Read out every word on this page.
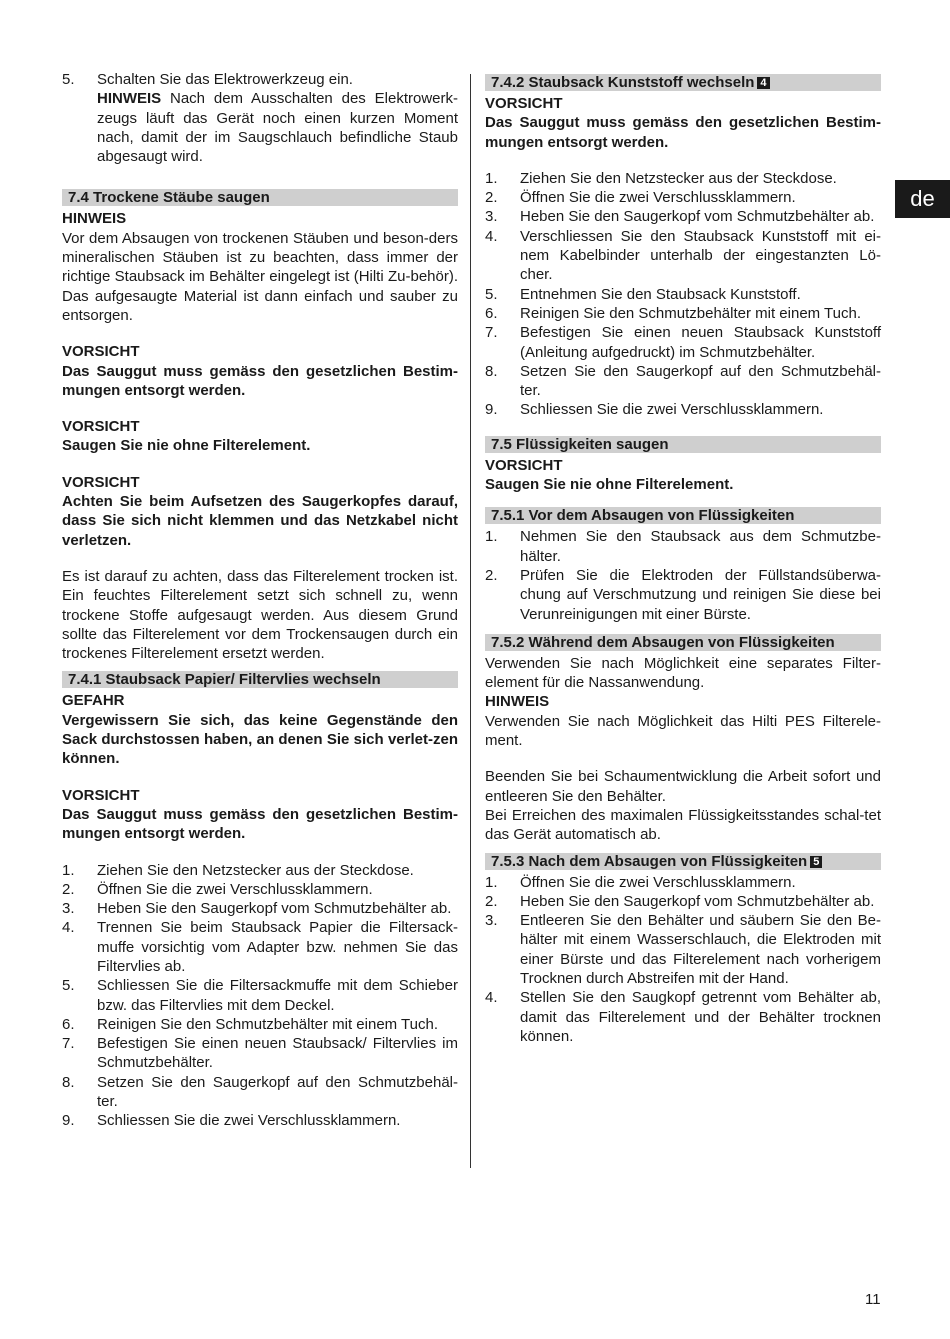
5.	Schalten Sie das Elektrowerkzeug ein.
HINWEIS Nach dem Ausschalten des Elektrowerk-zeugs läuft das Gerät noch einen kurzen Moment nach, damit der im Saugschlauch befindliche Staub abgesaugt wird.
7.4 Trockene Stäube saugen

HINWEIS

Vor dem Absaugen von trockenen Stäuben und beson-ders mineralischen Stäuben ist zu beachten, dass immer der richtige Staubsack im Behälter eingelegt ist (Hilti Zu-behör). Das aufgesaugte Material ist dann einfach und sauber zu entsorgen.

VORSICHT

Das Sauggut muss gemäss den gesetzlichen Bestim-mungen entsorgt werden.

VORSICHT

Saugen Sie nie ohne Filterelement.

VORSICHT

Achten Sie beim Aufsetzen des Saugerkopfes darauf, dass Sie sich nicht klemmen und das Netzkabel nicht verletzen.

Es ist darauf zu achten, dass das Filterelement trocken ist. Ein feuchtes Filterelement setzt sich schnell zu, wenn trockene Stoffe aufgesaugt werden. Aus diesem Grund sollte das Filterelement vor dem Trockensaugen durch ein trockenes Filterelement ersetzt werden.

7.4.1 Staubsack Papier/ Filtervlies wechseln

GEFAHR

Vergewissern Sie sich, das keine Gegenstände den Sack durchstossen haben, an denen Sie sich verlet-zen können.

VORSICHT

Das Sauggut muss gemäss den gesetzlichen Bestim-mungen entsorgt werden.

1.	Ziehen Sie den Netzstecker aus der Steckdose.
2.	Öffnen Sie die zwei Verschlussklammern.
3.	Heben Sie den Saugerkopf vom Schmutzbehälter ab.
4.	Trennen Sie beim Staubsack Papier die Filtersack-muffe vorsichtig vom Adapter bzw. nehmen Sie das Filtervlies ab.
5.	Schliessen Sie die Filtersackmuffe mit dem Schieber bzw. das Filtervlies mit dem Deckel.
6.	Reinigen Sie den Schmutzbehälter mit einem Tuch.
7.	Befestigen Sie einen neuen Staubsack/ Filtervlies im Schmutzbehälter.
8.	Setzen Sie den Saugerkopf auf den Schmutzbehäl-ter.
9.	Schliessen Sie die zwei Verschlussklammern.
7.4.2 Staubsack Kunststoff wechseln 4

VORSICHT

Das Sauggut muss gemäss den gesetzlichen Bestim-mungen entsorgt werden.

1.	Ziehen Sie den Netzstecker aus der Steckdose.
2.	Öffnen Sie die zwei Verschlussklammern.
3.	Heben Sie den Saugerkopf vom Schmutzbehälter ab.
4.	Verschliessen Sie den Staubsack Kunststoff mit ei-nem Kabelbinder unterhalb der eingestanzten Lö-cher.
5.	Entnehmen Sie den Staubsack Kunststoff.
6.	Reinigen Sie den Schmutzbehälter mit einem Tuch.
7.	Befestigen Sie einen neuen Staubsack Kunststoff (Anleitung aufgedruckt) im Schmutzbehälter.
8.	Setzen Sie den Saugerkopf auf den Schmutzbehäl-ter.
9.	Schliessen Sie die zwei Verschlussklammern.
7.5 Flüssigkeiten saugen

VORSICHT

Saugen Sie nie ohne Filterelement.

7.5.1 Vor dem Absaugen von Flüssigkeiten
1.	Nehmen Sie den Staubsack aus dem Schmutzbe-hälter.
2.	Prüfen Sie die Elektroden der Füllstandsüberwa-chung auf Verschmutzung und reinigen Sie diese bei Verunreinigungen mit einer Bürste.
7.5.2 Während dem Absaugen von Flüssigkeiten

Verwenden Sie nach Möglichkeit eine separates Filter-element für die Nassanwendung.

HINWEIS

Verwenden Sie nach Möglichkeit das Hilti PES Filterele-ment.

Beenden Sie bei Schaumentwicklung die Arbeit sofort und entleeren Sie den Behälter.

Bei Erreichen des maximalen Flüssigkeitsstandes schal-tet das Gerät automatisch ab.

7.5.3 Nach dem Absaugen von Flüssigkeiten 5
1.	Öffnen Sie die zwei Verschlussklammern.
2.	Heben Sie den Saugerkopf vom Schmutzbehälter ab.
3.	Entleeren Sie den Behälter und säubern Sie den Be-hälter mit einem Wasserschlauch, die Elektroden mit einer Bürste und das Filterelement nach vorherigem Trocknen durch Abstreifen mit der Hand.
4.	Stellen Sie den Saugkopf getrennt vom Behälter ab, damit das Filterelement und der Behälter trocknen können.
de
11
